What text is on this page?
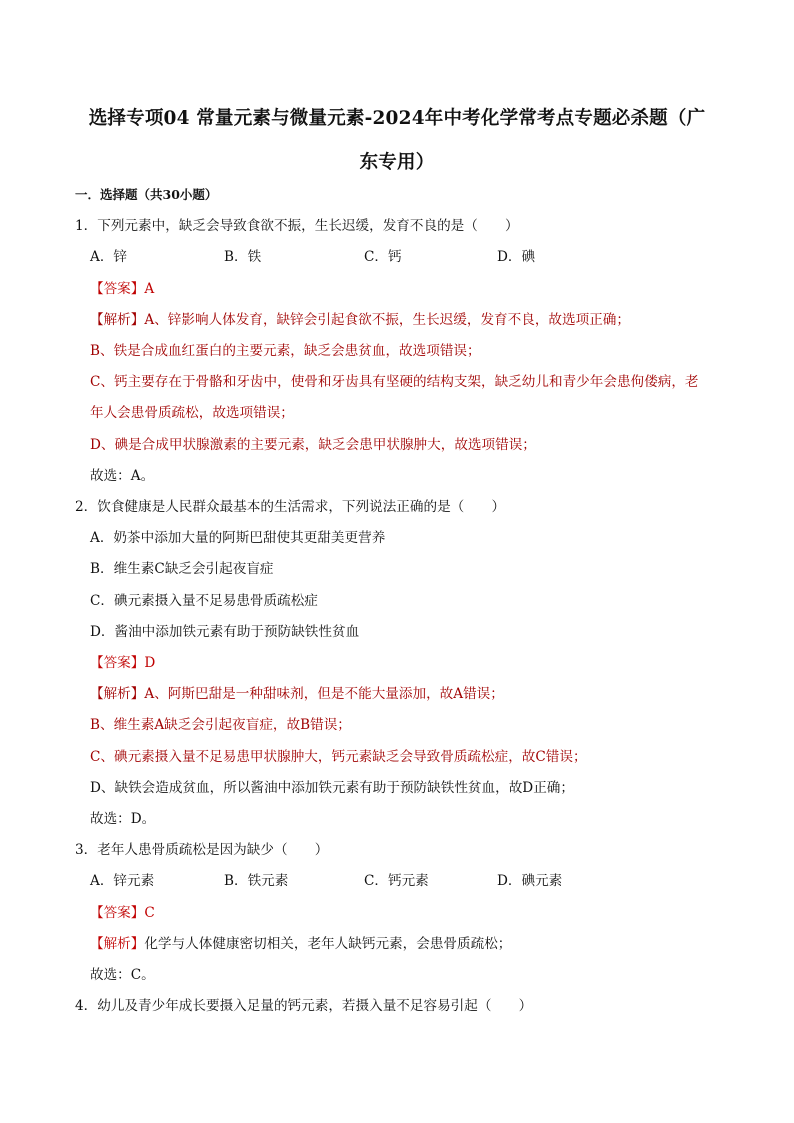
选择专项04 常量元素与微量元素-2024年中考化学常考点专题必杀题（广
东专用）
一．选择题（共30小题）
1．下列元素中，缺乏会导致食欲不振，生长迟缓，发育不良的是（　　）
A．锌	B．铁	C．钙	D．碘
【答案】A
【解析】A、锌影响人体发育，缺锌会引起食欲不振，生长迟缓，发育不良，故选项正确；
B、铁是合成血红蛋白的主要元素，缺乏会患贫血，故选项错误；
C、钙主要存在于骨骼和牙齿中，使骨和牙齿具有坚硬的结构支架，缺乏幼儿和青少年会患佝偻病，老
年人会患骨质疏松，故选项错误；
D、碘是合成甲状腺激素的主要元素，缺乏会患甲状腺肿大，故选项错误；
故选：A。
2．饮食健康是人民群众最基本的生活需求，下列说法正确的是（　　）
A．奶茶中添加大量的阿斯巴甜使其更甜美更营养
B．维生素C缺乏会引起夜盲症
C．碘元素摄入量不足易患骨质疏松症
D．酱油中添加铁元素有助于预防缺铁性贫血
【答案】D
【解析】A、阿斯巴甜是一种甜味剂，但是不能大量添加，故A错误；
B、维生素A缺乏会引起夜盲症，故B错误；
C、碘元素摄入量不足易患甲状腺肿大，钙元素缺乏会导致骨质疏松症，故C错误；
D、缺铁会造成贫血，所以酱油中添加铁元素有助于预防缺铁性贫血，故D正确；
故选：D。
3．老年人患骨质疏松是因为缺少（　　）
A．锌元素	B．铁元素	C．钙元素	D．碘元素
【答案】C
【解析】化学与人体健康密切相关，老年人缺钙元素，会患骨质疏松；
故选：C。
4．幼儿及青少年成长要摄入足量的钙元素，若摄入量不足容易引起（　　）
